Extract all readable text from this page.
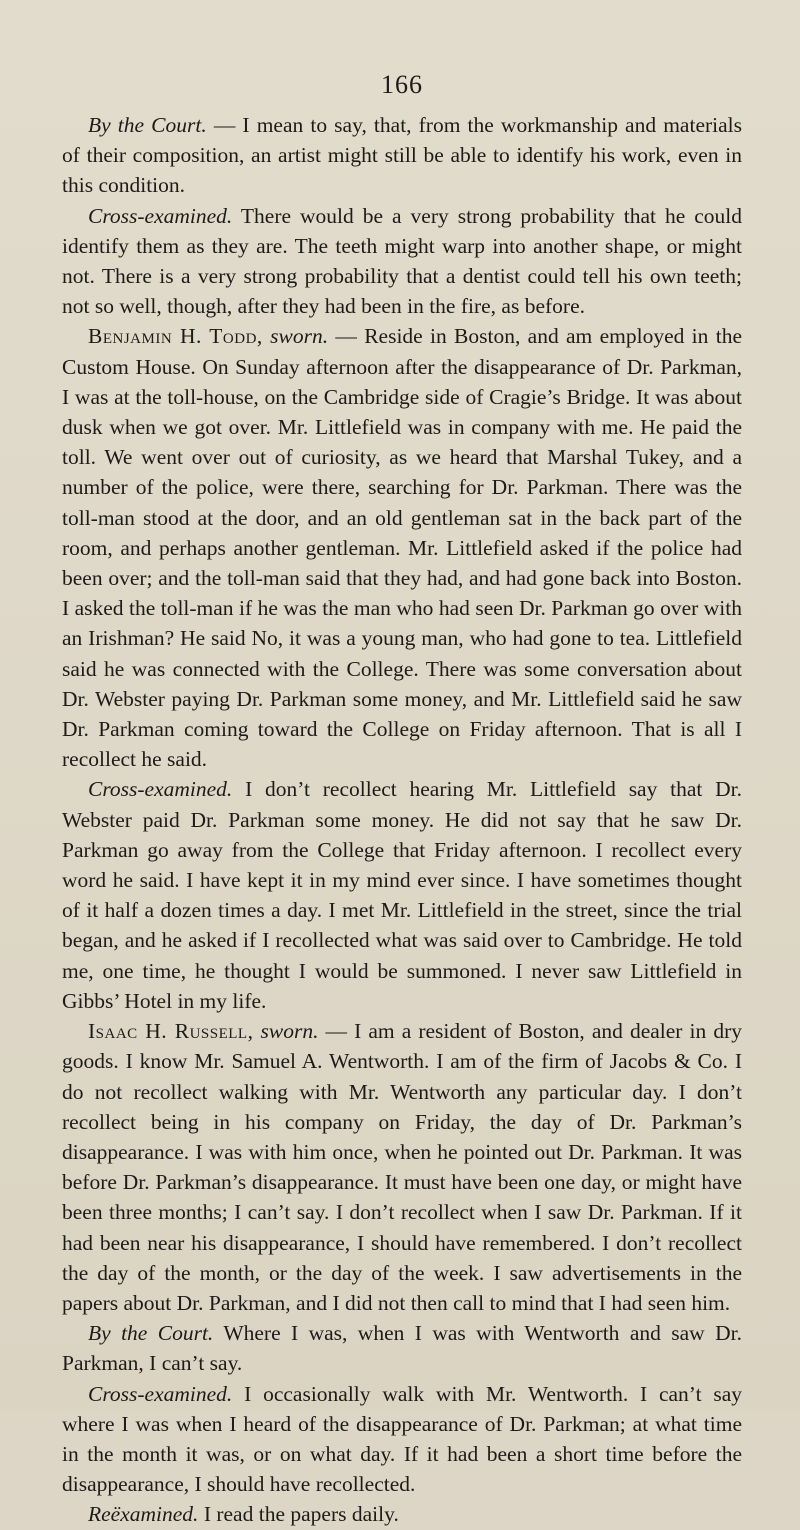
166

By the Court. — I mean to say, that, from the workmanship and materials of their composition, an artist might still be able to identify his work, even in this condition.

Cross-examined. There would be a very strong probability that he could identify them as they are. The teeth might warp into another shape, or might not. There is a very strong probability that a dentist could tell his own teeth; not so well, though, after they had been in the fire, as before.

Benjamin H. Todd, sworn. — Reside in Boston, and am employed in the Custom House. On Sunday afternoon after the disappearance of Dr. Parkman, I was at the toll-house, on the Cambridge side of Cragie’s Bridge. It was about dusk when we got over. Mr. Littlefield was in company with me. He paid the toll. We went over out of curiosity, as we heard that Marshal Tukey, and a number of the police, were there, searching for Dr. Parkman. There was the toll-man stood at the door, and an old gentleman sat in the back part of the room, and perhaps another gentleman. Mr. Littlefield asked if the police had been over; and the toll-man said that they had, and had gone back into Boston. I asked the toll-man if he was the man who had seen Dr. Parkman go over with an Irishman? He said No, it was a young man, who had gone to tea. Littlefield said he was connected with the College. There was some conversation about Dr. Webster paying Dr. Parkman some money, and Mr. Littlefield said he saw Dr. Parkman coming toward the College on Friday afternoon. That is all I recollect he said.

Cross-examined. I don’t recollect hearing Mr. Littlefield say that Dr. Webster paid Dr. Parkman some money. He did not say that he saw Dr. Parkman go away from the College that Friday afternoon. I recollect every word he said. I have kept it in my mind ever since. I have sometimes thought of it half a dozen times a day. I met Mr. Littlefield in the street, since the trial began, and he asked if I recollected what was said over to Cambridge. He told me, one time, he thought I would be summoned. I never saw Littlefield in Gibbs’ Hotel in my life.

Isaac H. Russell, sworn. — I am a resident of Boston, and dealer in dry goods. I know Mr. Samuel A. Wentworth. I am of the firm of Jacobs & Co. I do not recollect walking with Mr. Wentworth any particular day. I don’t recollect being in his company on Friday, the day of Dr. Parkman’s disappearance. I was with him once, when he pointed out Dr. Parkman. It was before Dr. Parkman’s disappearance. It must have been one day, or might have been three months; I can’t say. I don’t recollect when I saw Dr. Parkman. If it had been near his disappearance, I should have remembered. I don’t recollect the day of the month, or the day of the week. I saw advertisements in the papers about Dr. Parkman, and I did not then call to mind that I had seen him.

By the Court. Where I was, when I was with Wentworth and saw Dr. Parkman, I can’t say.

Cross-examined. I occasionally walk with Mr. Wentworth. I can’t say where I was when I heard of the disappearance of Dr. Parkman; at what time in the month it was, or on what day. If it had been a short time before the disappearance, I should have recollected.

Reëxamined. I read the papers daily.
